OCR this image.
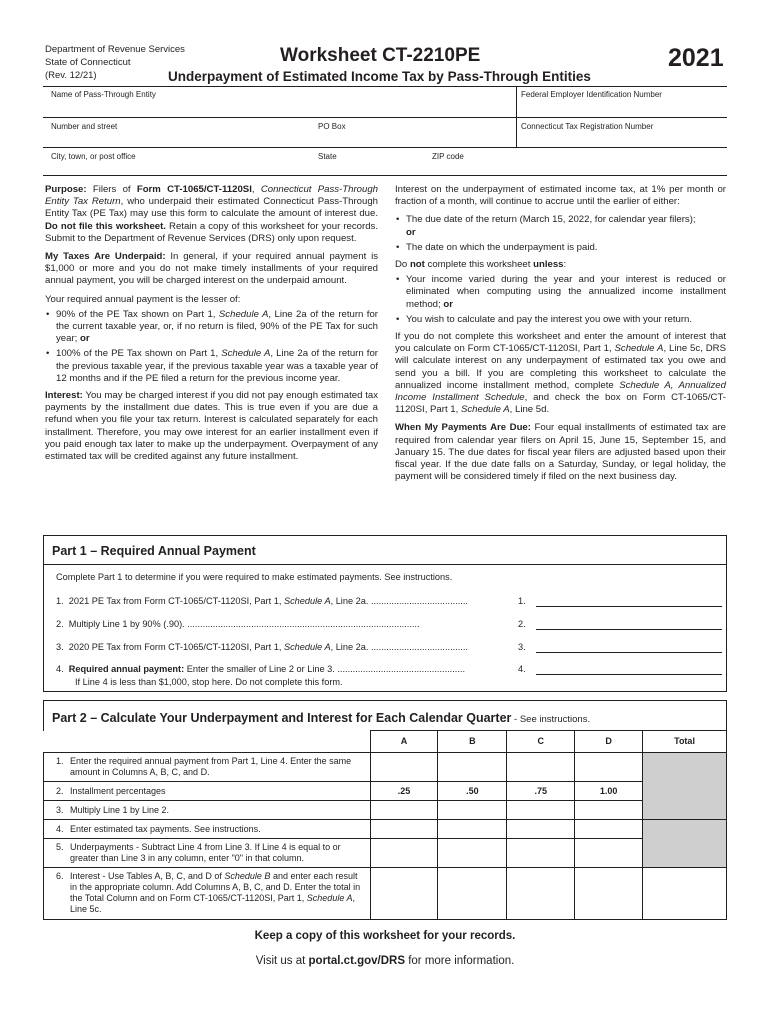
Department of Revenue Services
State of Connecticut
(Rev. 12/21)
Worksheet CT-2210PE
Underpayment of Estimated Income Tax by Pass-Through Entities
2021
Name of Pass-Through Entity	Federal Employer Identification Number
Number and street	PO Box	Connecticut Tax Registration Number
City, town, or post office	State	ZIP code

Purpose: Filers of Form CT-1065/CT-1120SI, Connecticut Pass-Through Entity Tax Return, who underpaid their estimated Connecticut Pass-Through Entity Tax (PE Tax) may use this form to calculate the amount of interest due. Do not file this worksheet. Retain a copy of this worksheet for your records. Submit to the Department of Revenue Services (DRS) only upon request.

My Taxes Are Underpaid: In general, if your required annual payment is $1,000 or more and you do not make timely installments of your required annual payment, you will be charged interest on the underpaid amount.

Your required annual payment is the lesser of:

• 90% of the PE Tax shown on Part 1, Schedule A, Line 2a of the return for the current taxable year, or, if no return is filed, 90% of the PE Tax for such year; or
• 100% of the PE Tax shown on Part 1, Schedule A, Line 2a of the return for the previous taxable year, if the previous taxable year was a taxable year of 12 months and if the PE filed a return for the previous income year.

Interest: You may be charged interest if you did not pay enough estimated tax payments by the installment due dates. This is true even if you are due a refund when you file your tax return. Interest is calculated separately for each installment. Therefore, you may owe interest for an earlier installment even if you paid enough tax later to make up the underpayment. Overpayment of any estimated tax will be credited against any future installment.

Interest on the underpayment of estimated income tax, at 1% per month or fraction of a month, will continue to accrue until the earlier of either:

• The due date of the return (March 15, 2022, for calendar year filers);
or
• The date on which the underpayment is paid.

Do not complete this worksheet unless:

• Your income varied during the year and your interest is reduced or eliminated when computing using the annualized income installment method; or
• You wish to calculate and pay the interest you owe with your return.

If you do not complete this worksheet and enter the amount of interest that you calculate on Form CT-1065/CT-1120SI, Part 1, Schedule A, Line 5c, DRS will calculate interest on any underpayment of estimated tax you owe and send you a bill. If you are completing this worksheet to calculate the annualized income installment method, complete Schedule A, Annualized Income Installment Schedule, and check the box on Form CT-1065/CT-1120SI, Part 1, Schedule A, Line 5d.

When My Payments Are Due: Four equal installments of estimated tax are required from calendar year filers on April 15, June 15, September 15, and January 15. The due dates for fiscal year filers are adjusted based upon their fiscal year. If the due date falls on a Saturday, Sunday, or legal holiday, the payment will be considered timely if filed on the next business day.

Part 1 – Required Annual Payment
Complete Part 1 to determine if you were required to make estimated payments. See instructions.
1. 2021 PE Tax from Form CT-1065/CT-1120SI, Part 1, Schedule A, Line 2a. ......................................	1.
2. Multiply Line 1 by 90% (.90). ...........................................................................................	2.
3. 2020 PE Tax from Form CT-1065/CT-1120SI, Part 1, Schedule A, Line 2a. ......................................	3.
4. Required annual payment: Enter the smaller of Line 2 or Line 3. ..................................................	4.
If Line 4 is less than $1,000, stop here. Do not complete this form.
Part 2 – Calculate Your Underpayment and Interest for Each Calendar Quarter - See instructions.
	A	B	C	D	Total

1. Enter the required annual payment from Part 1, Line 4. Enter the same amount in Columns A, B, C, and D.					

2. Installment percentages	.25	.50	.75	1.00	

3. Multiply Line 1 by Line 2.					

4. Enter estimated tax payments. See instructions.					

5. Underpayments - Subtract Line 4 from Line 3. If Line 4 is equal to or greater than Line 3 in any column, enter "0" in that column.					

6. Interest - Use Tables A, B, C, and D of Schedule B and enter each result in the appropriate column. Add Columns A, B, C, and D. Enter the total in the Total Column and on Form CT-1065/CT-1120SI, Part 1, Schedule A, Line 5c.					

Keep a copy of this worksheet for your records.
Visit us at portal.ct.gov/DRS for more information.
